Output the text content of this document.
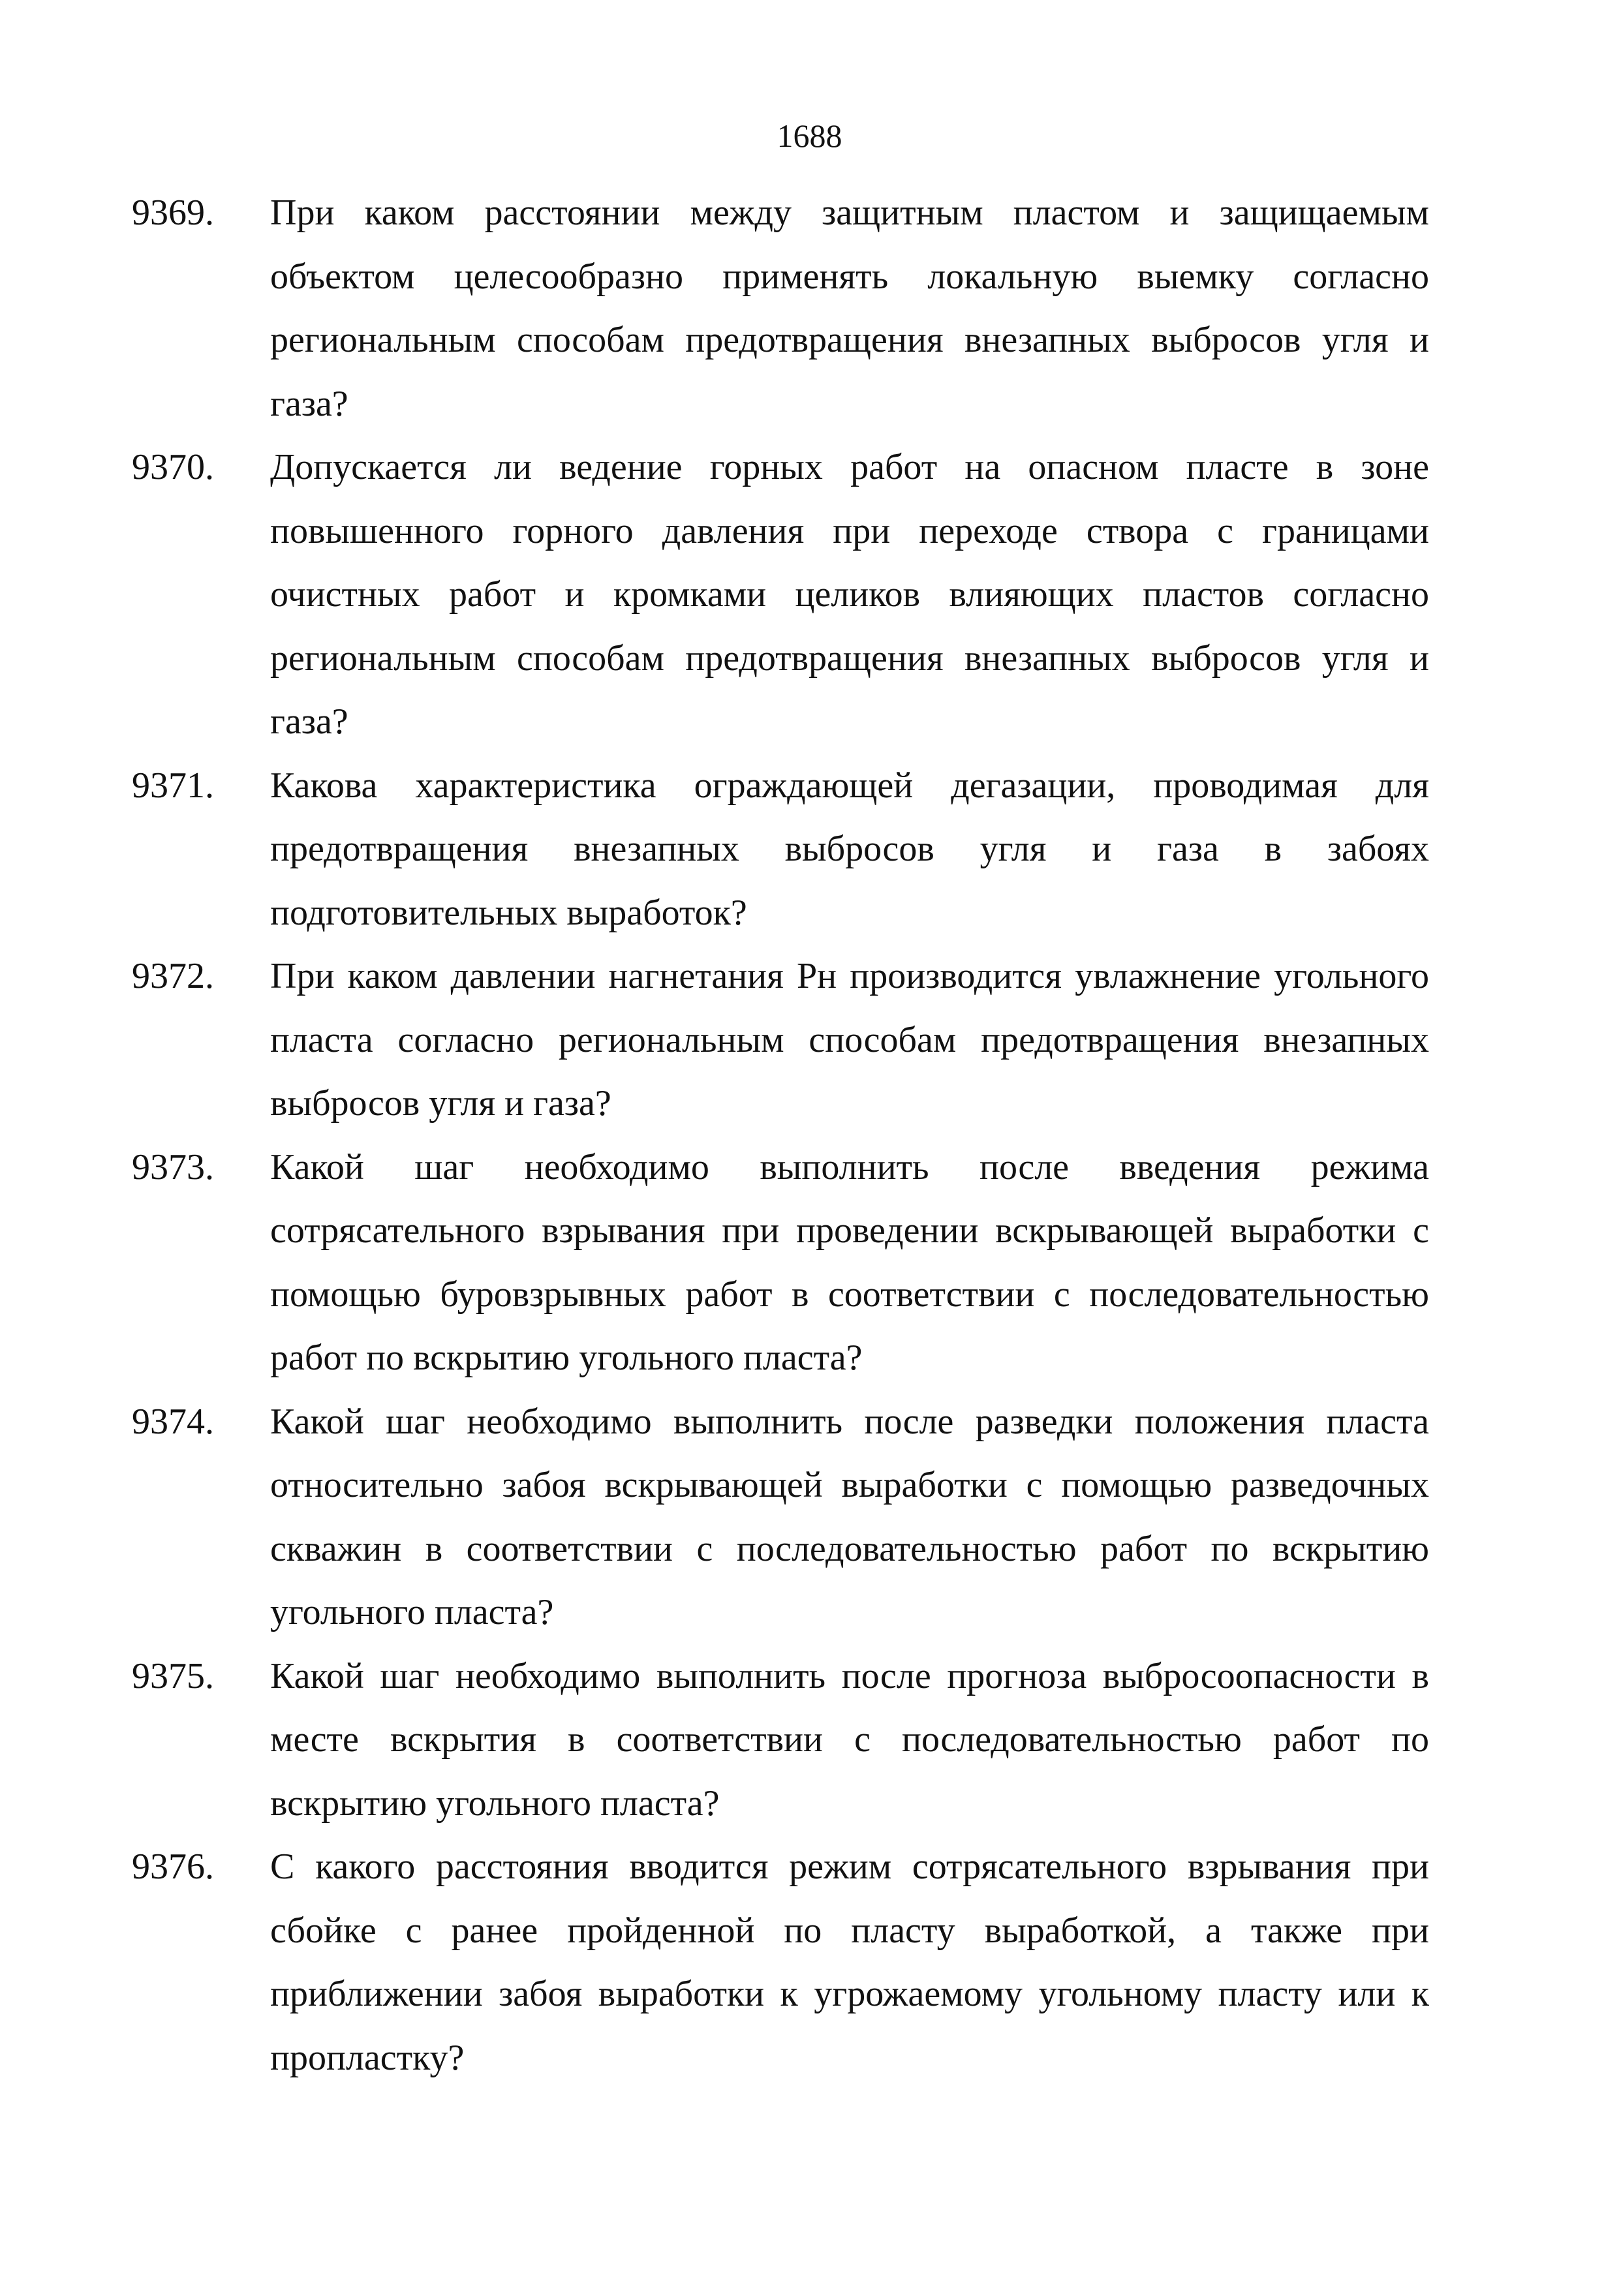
1688
9369.	При каком расстоянии между защитным пластом и защищаемым объектом целесообразно применять локальную выемку согласно региональным способам предотвращения внезапных выбросов угля и газа?
9370.	Допускается ли ведение горных работ на опасном пласте в зоне повышенного горного давления при переходе створа с границами очистных работ и кромками целиков влияющих пластов согласно региональным способам предотвращения внезапных выбросов угля и газа?
9371.	Какова характеристика ограждающей дегазации, проводимая для предотвращения внезапных выбросов угля и газа в забоях подготовительных выработок?
9372.	При каком давлении нагнетания Рн производится увлажнение угольного пласта согласно региональным способам предотвращения внезапных выбросов угля и газа?
9373.	Какой шаг необходимо выполнить после введения режима сотрясательного взрывания при проведении вскрывающей выработки с помощью буровзрывных работ в соответствии с последовательностью работ по вскрытию угольного пласта?
9374.	Какой шаг необходимо выполнить после разведки положения пласта относительно забоя вскрывающей выработки с помощью разведочных скважин в соответствии с последовательностью работ по вскрытию угольного пласта?
9375.	Какой шаг необходимо выполнить после прогноза выбросоопасности в месте вскрытия в соответствии с последовательностью работ по вскрытию угольного пласта?
9376.	С какого расстояния вводится режим сотрясательного взрывания при сбойке с ранее пройденной по пласту выработкой, а также при приближении забоя выработки к угрожаемому угольному пласту или к пропластку?
